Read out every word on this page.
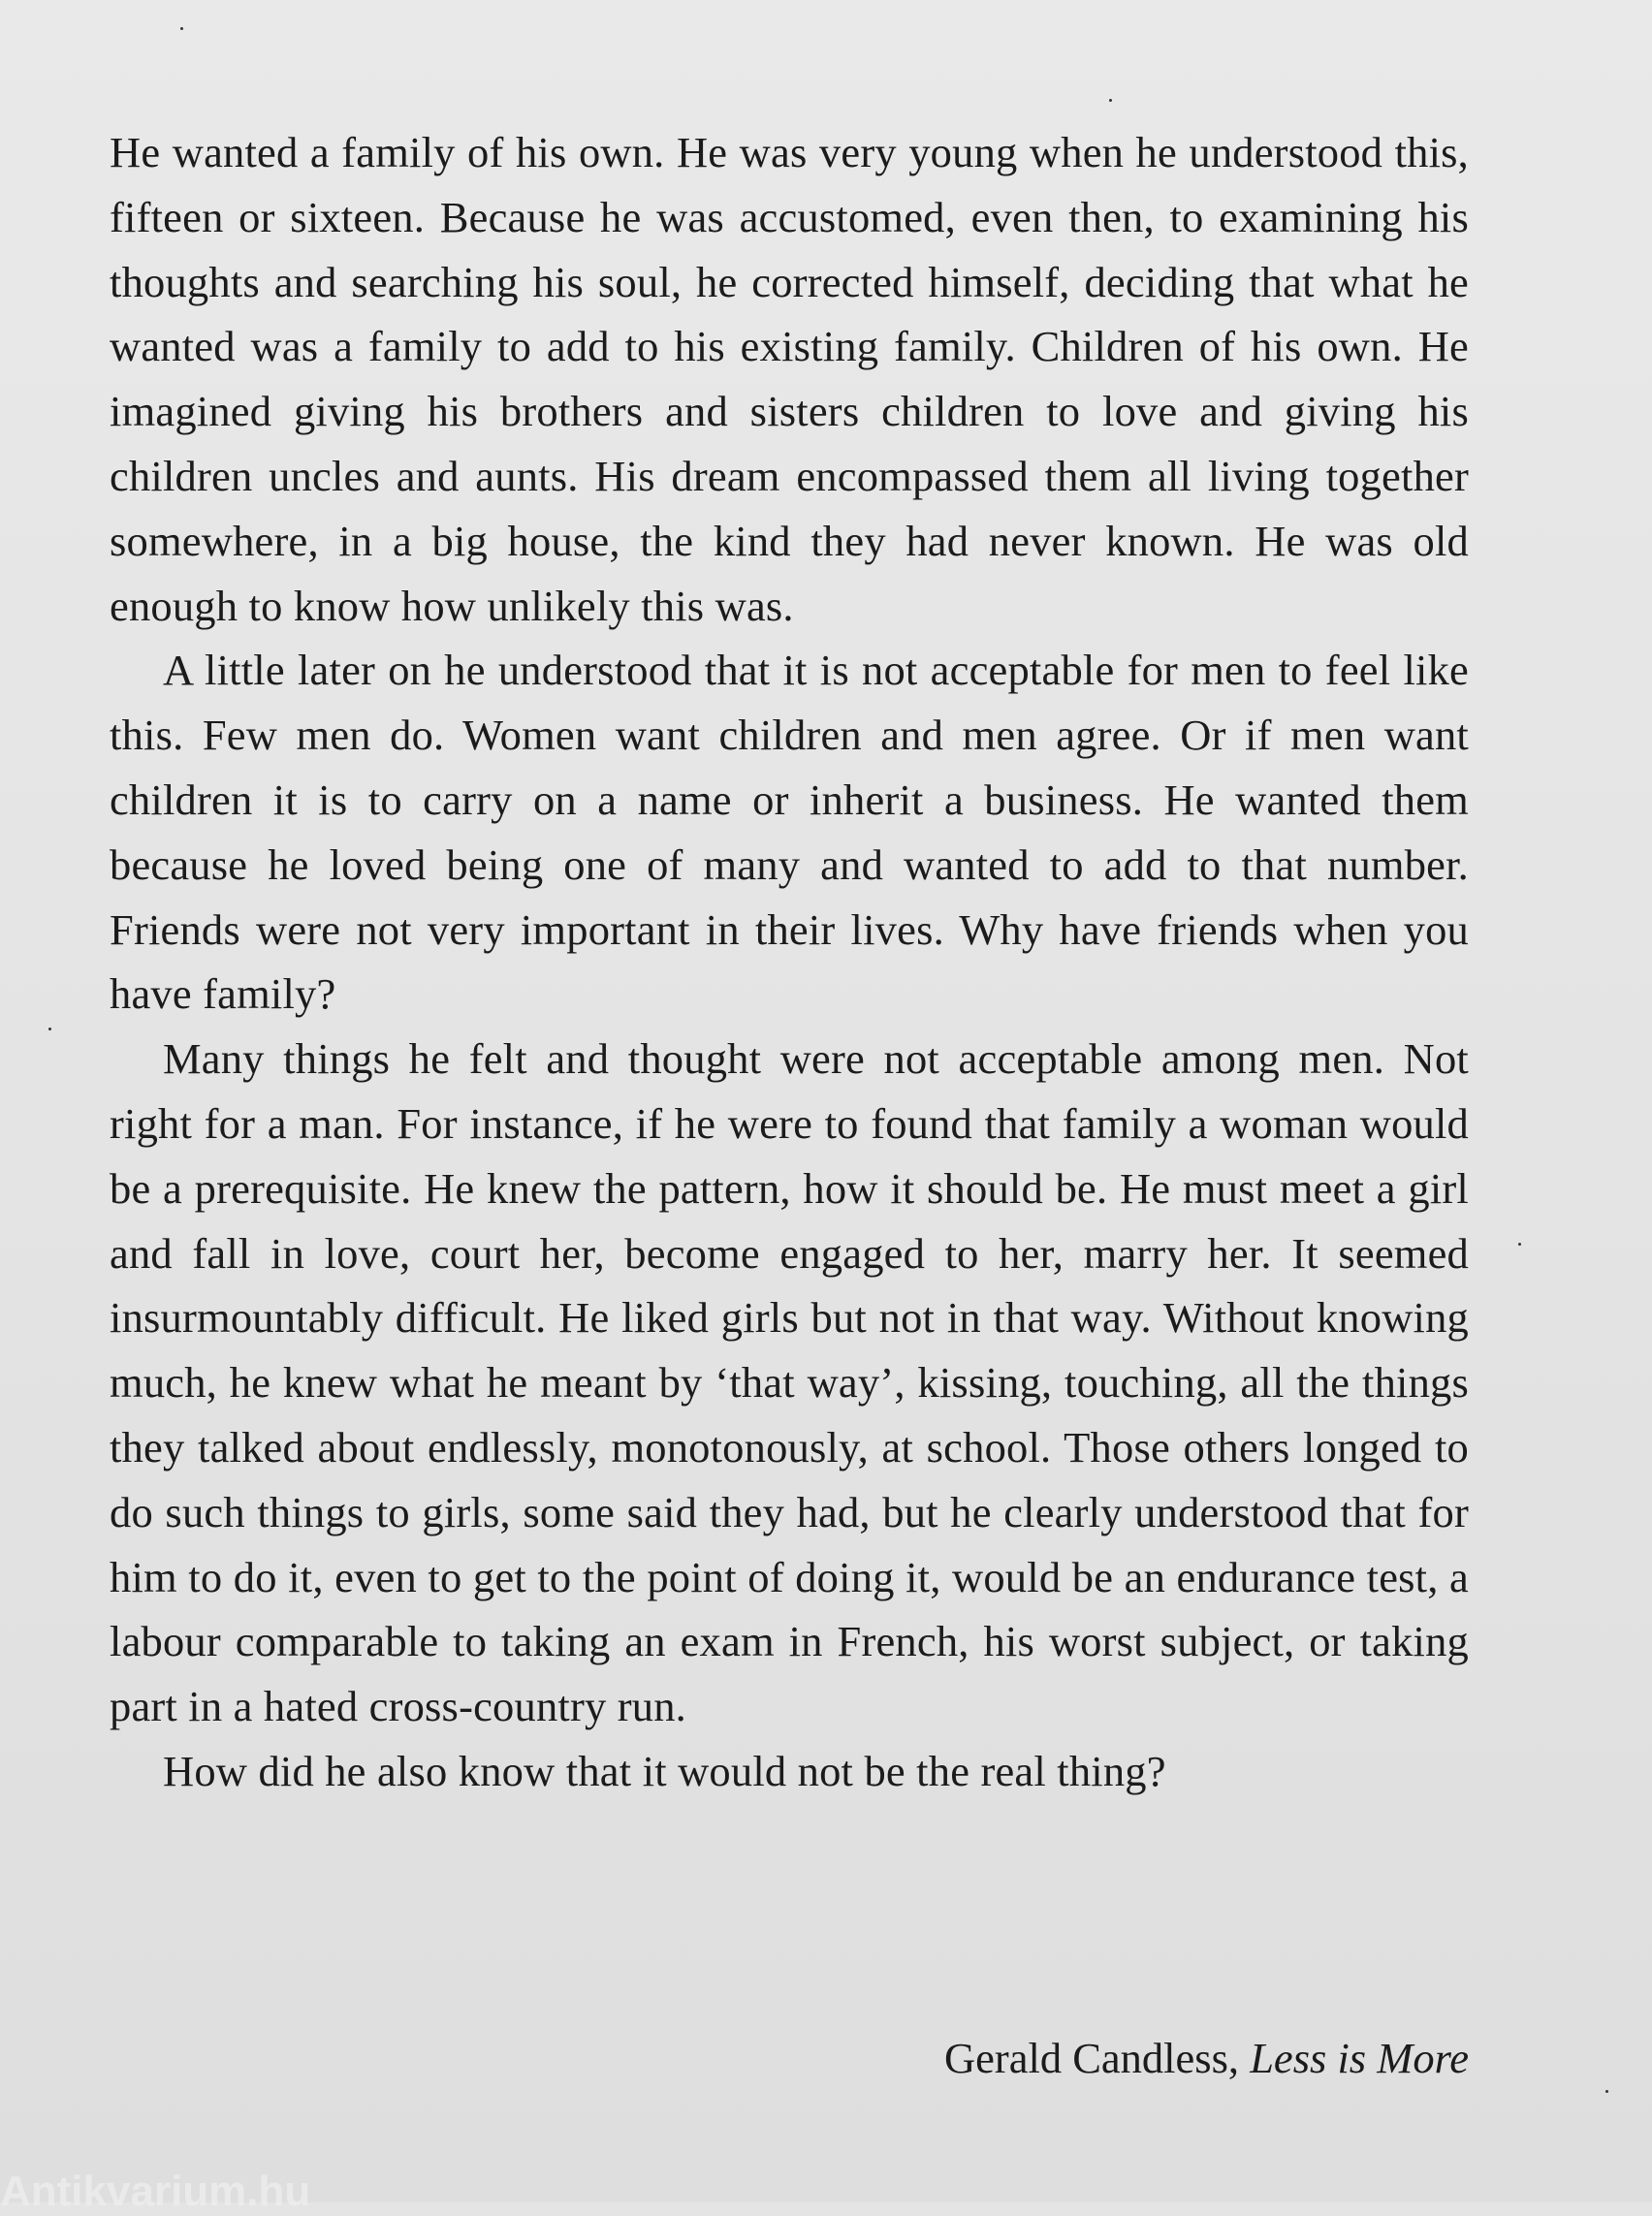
He wanted a family of his own. He was very young when he understood this, fifteen or sixteen. Because he was accustomed, even then, to examining his thoughts and searching his soul, he corrected himself, deciding that what he wanted was a family to add to his existing family. Children of his own. He imagined giving his brothers and sisters children to love and giving his children uncles and aunts. His dream encompassed them all living together somewhere, in a big house, the kind they had never known. He was old enough to know how unlikely this was.

A little later on he understood that it is not acceptable for men to feel like this. Few men do. Women want children and men agree. Or if men want children it is to carry on a name or inherit a business. He wanted them because he loved being one of many and wanted to add to that number. Friends were not very important in their lives. Why have friends when you have family?

Many things he felt and thought were not acceptable among men. Not right for a man. For instance, if he were to found that family a woman would be a prerequisite. He knew the pattern, how it should be. He must meet a girl and fall in love, court her, become engaged to her, marry her. It seemed insurmountably difficult. He liked girls but not in that way. Without knowing much, he knew what he meant by ‘that way’, kissing, touching, all the things they talked about endlessly, monotonously, at school. Those others longed to do such things to girls, some said they had, but he clearly understood that for him to do it, even to get to the point of doing it, would be an endurance test, a labour comparable to taking an exam in French, his worst subject, or taking part in a hated cross-country run.

How did he also know that it would not be the real thing?

Gerald Candless, Less is More
Antikvarium.hu
